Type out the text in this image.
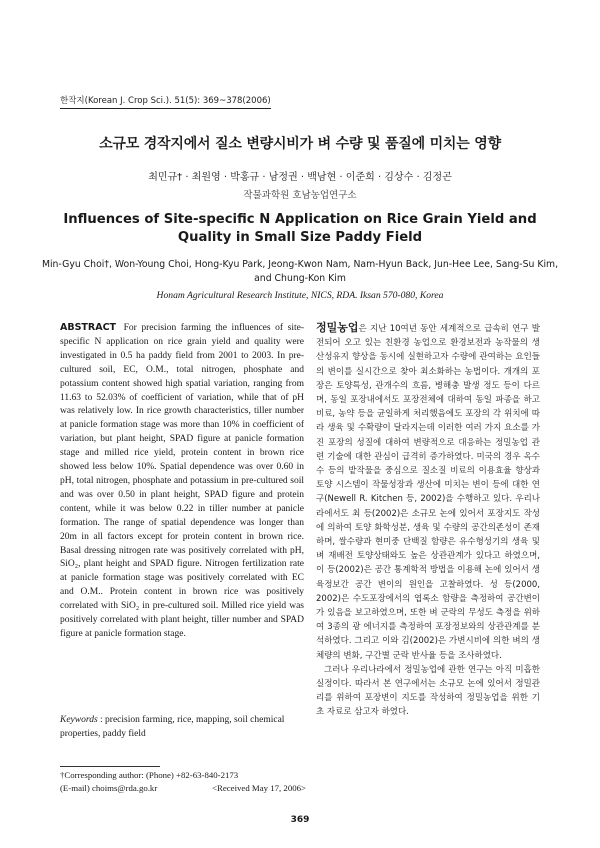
한작지(Korean J. Crop Sci.). 51(5): 369~378(2006)
소규모 경작지에서 질소 변량시비가 벼 수량 및 품질에 미치는 영향
최민규† · 최원영 · 박홍규 · 남정권 · 백남현 · 이준희 · 김상수 · 김정곤
작물과학원 호남농업연구소
Influences of Site-specific N Application on Rice Grain Yield and Quality in Small Size Paddy Field
Min-Gyu Choi†, Won-Young Choi, Hong-Kyu Park, Jeong-Kwon Nam, Nam-Hyun Back, Jun-Hee Lee, Sang-Su Kim, and Chung-Kon Kim
Honam Agricultural Research Institute, NICS, RDA. Iksan 570-080, Korea
ABSTRACT For precision farming the influences of site-specific N application on rice grain yield and quality were investigated in 0.5 ha paddy field from 2001 to 2003. In pre-cultured soil, EC, O.M., total nitrogen, phosphate and potassium content showed high spatial variation, ranging from 11.63 to 52.03% of coefficient of variation, while that of pH was relatively low. In rice growth characteristics, tiller number at panicle formation stage was more than 10% in coefficient of variation, but plant height, SPAD figure at panicle formation stage and milled rice yield, protein content in brown rice showed less below 10%. Spatial dependence was over 0.60 in pH, total nitrogen, phosphate and potassium in pre-cultured soil and was over 0.50 in plant height, SPAD figure and protein content, while it was below 0.22 in tiller number at panicle formation. The range of spatial dependence was longer than 20m in all factors except for protein content in brown rice. Basal dressing nitrogen rate was positively correlated with pH, SiO₂, plant height and SPAD figure. Nitrogen fertilization rate at panicle formation stage was positively correlated with EC and O.M.. Protein content in brown rice was positively correlated with SiO₂ in pre-cultured soil. Milled rice yield was positively correlated with plant height, tiller number and SPAD figure at panicle formation stage.
Keywords : precision farming, rice, mapping, soil chemical properties, paddy field
†Corresponding author: (Phone) +82-63-840-2173
(E-mail) choims@rda.go.kr	<Received May 17, 2006>

정밀농업은 지난 10여년 동안 세계적으로 급속히 연구 발전되어 오고 있는 친환경 농업으로 환경보전과 농작물의 생산성유지 향상을 동시에 실현하고자 수량에 관여하는 요인들의 변이를 실시간으로 찾아 최소화하는 농법이다. 개개의 포장은 토양특성, 관개수의 흐름, 병해충 발생 정도 등이 다르며, 동일 포장내에서도 포장전체에 대하여 동일 파종을 하고 비료, 농약 등을 균일하게 처리했음에도 포장의 각 위치에 따라 생육 및 수확량이 달라지는데 이러한 여러 가지 요소를 가진 포장의 성질에 대하여 변량적으로 대응하는 정밀농업 관련 기술에 대한 관심이 급격히 증가하였다. 미국의 경우 옥수수 등의 밭작물을 중심으로 질소질 비료의 이용효율 향상과 토양 시스템이 작물성장과 생산에 미치는 변이 등에 대한 연구(Newell R. Kitchen 등, 2002)을 수행하고 있다. 우리나라에서도 최 등(2002)은 소규모 논에 있어서 포장지도 작성에 의하여 토양 화학성분, 생육 및 수량의 공간의존성이 존재하며, 쌀수량과 현미중 단백질 함량은 유수형성기의 생육 및 벼 재배전 토양상태와도 높은 상관관계가 있다고 하였으며, 이 등(2002)은 공간 통계학적 방법을 이용해 논에 있어서 생육정보간 공간 변이의 원인을 고찰하였다. 성 등(2000, 2002)은 수도포장에서의 엽록소 함량을 측정하여 공간변이가 있음을 보고하였으며, 또한 벼 군락의 무성도 측정을 위하여 3종의 광 에너지를 측정하여 포장정보와의 상관관계를 분석하였다. 그리고 이와 김(2002)은 가변시비에 의한 벼의 생체량의 변화, 구간별 군락 반사율 등을 조사하였다.

그러나 우리나라에서 정밀농업에 관한 연구는 아직 미흡한 실정이다. 따라서 본 연구에서는 소규모 논에 있어서 정밀관리를 위하여 포장변이 지도를 작성하여 정밀농업을 위한 기초 자료로 삼고자 하였다.

369
